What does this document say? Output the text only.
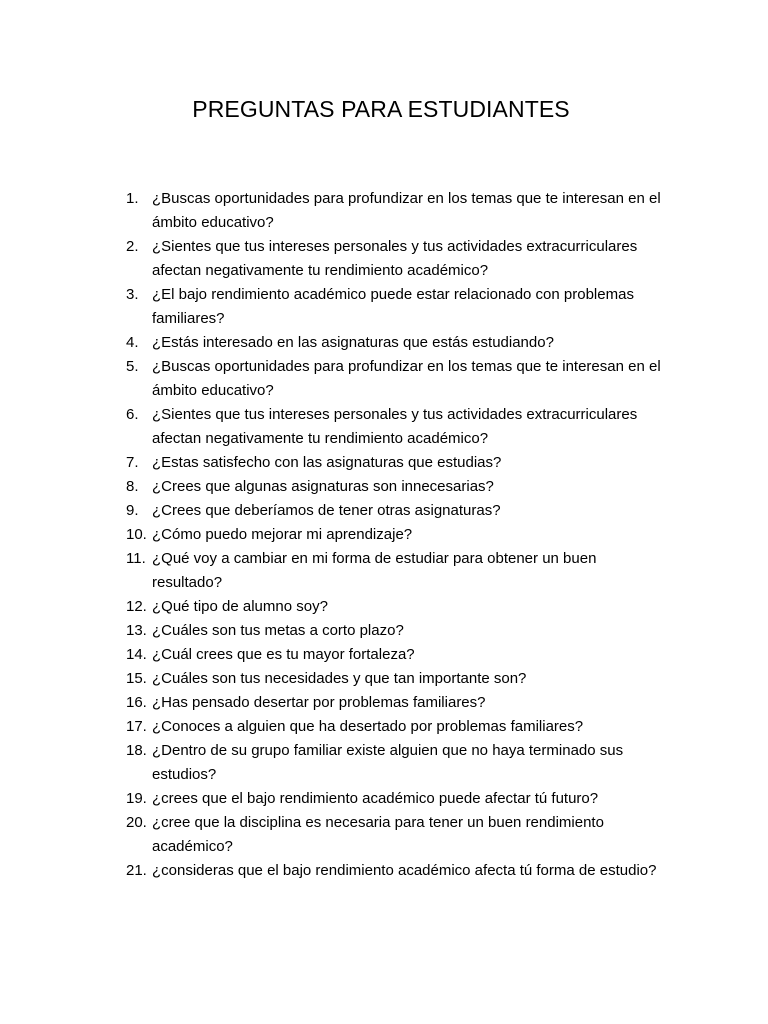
PREGUNTAS PARA ESTUDIANTES
1. ¿Buscas oportunidades para profundizar en los temas que te interesan en el ámbito educativo?
2. ¿Sientes que tus intereses personales y tus actividades extracurriculares afectan negativamente tu rendimiento académico?
3. ¿El bajo rendimiento académico puede estar relacionado con problemas familiares?
4. ¿Estás interesado en las asignaturas que estás estudiando?
5. ¿Buscas oportunidades para profundizar en los temas que te interesan en el ámbito educativo?
6. ¿Sientes que tus intereses personales y tus actividades extracurriculares afectan negativamente tu rendimiento académico?
7. ¿Estas satisfecho con las asignaturas que estudias?
8. ¿Crees que algunas asignaturas son innecesarias?
9. ¿Crees que deberíamos de tener otras asignaturas?
10. ¿Cómo puedo mejorar mi aprendizaje?
11. ¿Qué voy a cambiar en mi forma de estudiar para obtener un buen resultado?
12. ¿Qué tipo de alumno soy?
13. ¿Cuáles son tus metas a corto plazo?
14. ¿Cuál crees que es tu mayor fortaleza?
15. ¿Cuáles son tus necesidades y que tan importante son?
16. ¿Has pensado desertar por problemas familiares?
17. ¿Conoces a alguien que ha desertado por problemas familiares?
18. ¿Dentro de su grupo familiar existe alguien que no haya terminado sus estudios?
19. ¿crees que el bajo rendimiento académico puede afectar tú futuro?
20. ¿cree que la disciplina es necesaria para tener un buen rendimiento académico?
21. ¿consideras que el bajo rendimiento académico afecta tú forma de estudio?
